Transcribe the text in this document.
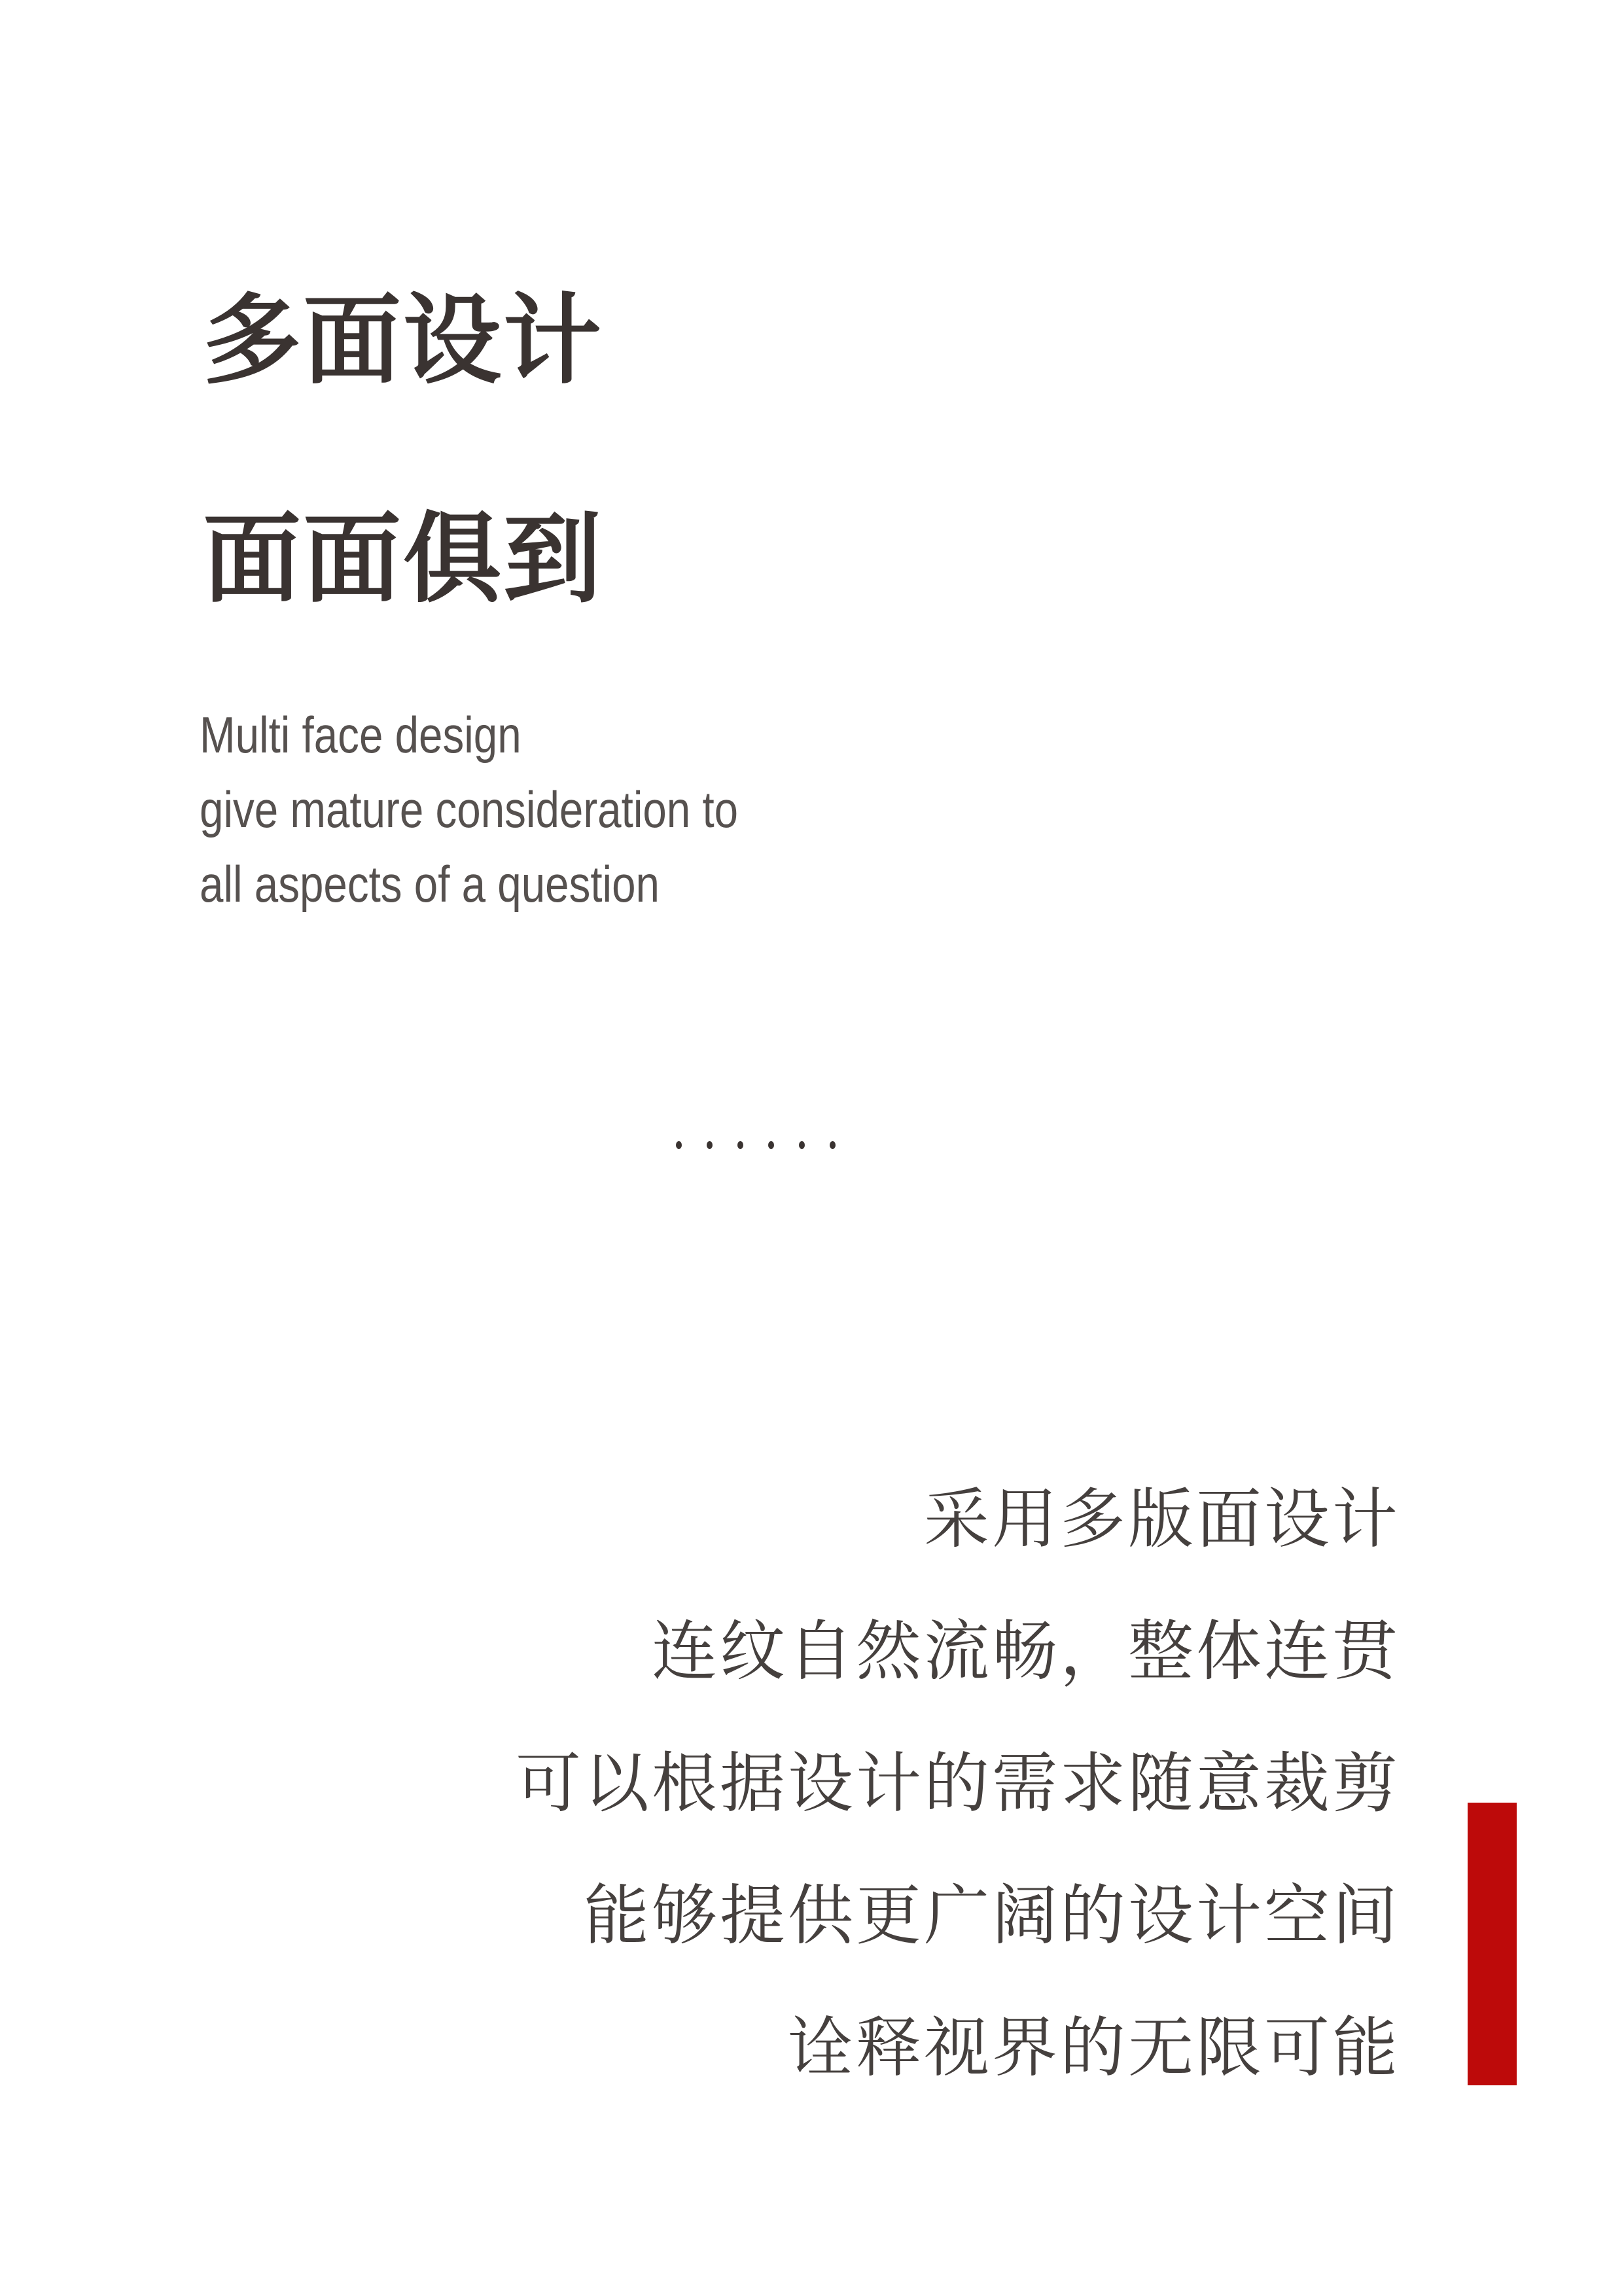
多面设计
面面俱到
Multi face design
give mature consideration to
all aspects of a question
采用多版面设计
连纹自然流畅，整体连贯
可以根据设计的需求随意裁剪
能够提供更广阔的设计空间
诠释视界的无限可能
